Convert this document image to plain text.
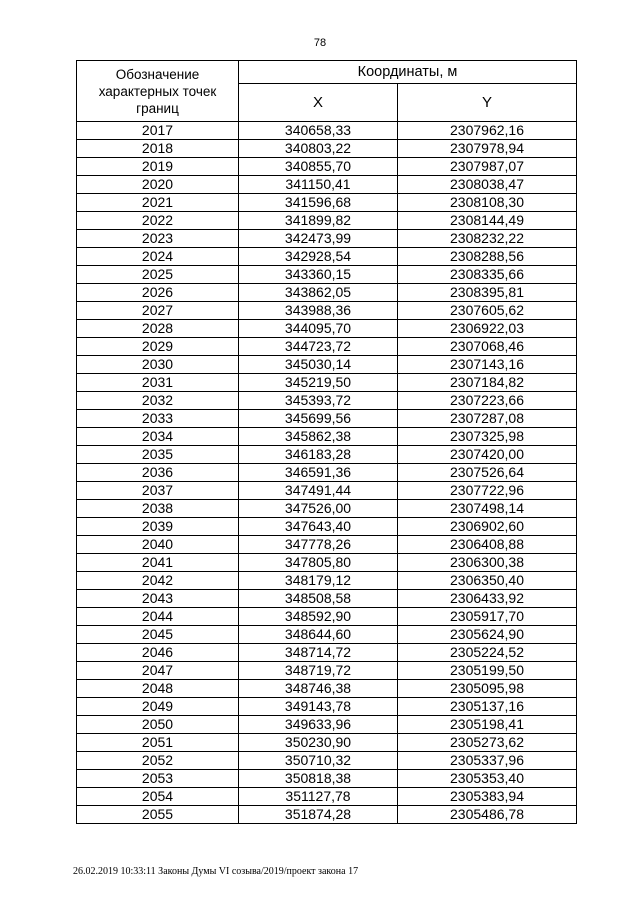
78
Обозначение характерных точек границ	Координаты, м	
	X	Y
2017	340658,33	2307962,16
2018	340803,22	2307978,94
2019	340855,70	2307987,07
2020	341150,41	2308038,47
2021	341596,68	2308108,30
2022	341899,82	2308144,49
2023	342473,99	2308232,22
2024	342928,54	2308288,56
2025	343360,15	2308335,66
2026	343862,05	2308395,81
2027	343988,36	2307605,62
2028	344095,70	2306922,03
2029	344723,72	2307068,46
2030	345030,14	2307143,16
2031	345219,50	2307184,82
2032	345393,72	2307223,66
2033	345699,56	2307287,08
2034	345862,38	2307325,98
2035	346183,28	2307420,00
2036	346591,36	2307526,64
2037	347491,44	2307722,96
2038	347526,00	2307498,14
2039	347643,40	2306902,60
2040	347778,26	2306408,88
2041	347805,80	2306300,38
2042	348179,12	2306350,40
2043	348508,58	2306433,92
2044	348592,90	2305917,70
2045	348644,60	2305624,90
2046	348714,72	2305224,52
2047	348719,72	2305199,50
2048	348746,38	2305095,98
2049	349143,78	2305137,16
2050	349633,96	2305198,41
2051	350230,90	2305273,62
2052	350710,32	2305337,96
2053	350818,38	2305353,40
2054	351127,78	2305383,94
2055	351874,28	2305486,78
26.02.2019 10:33:11 Законы Думы VI созыва/2019/проект закона 17
